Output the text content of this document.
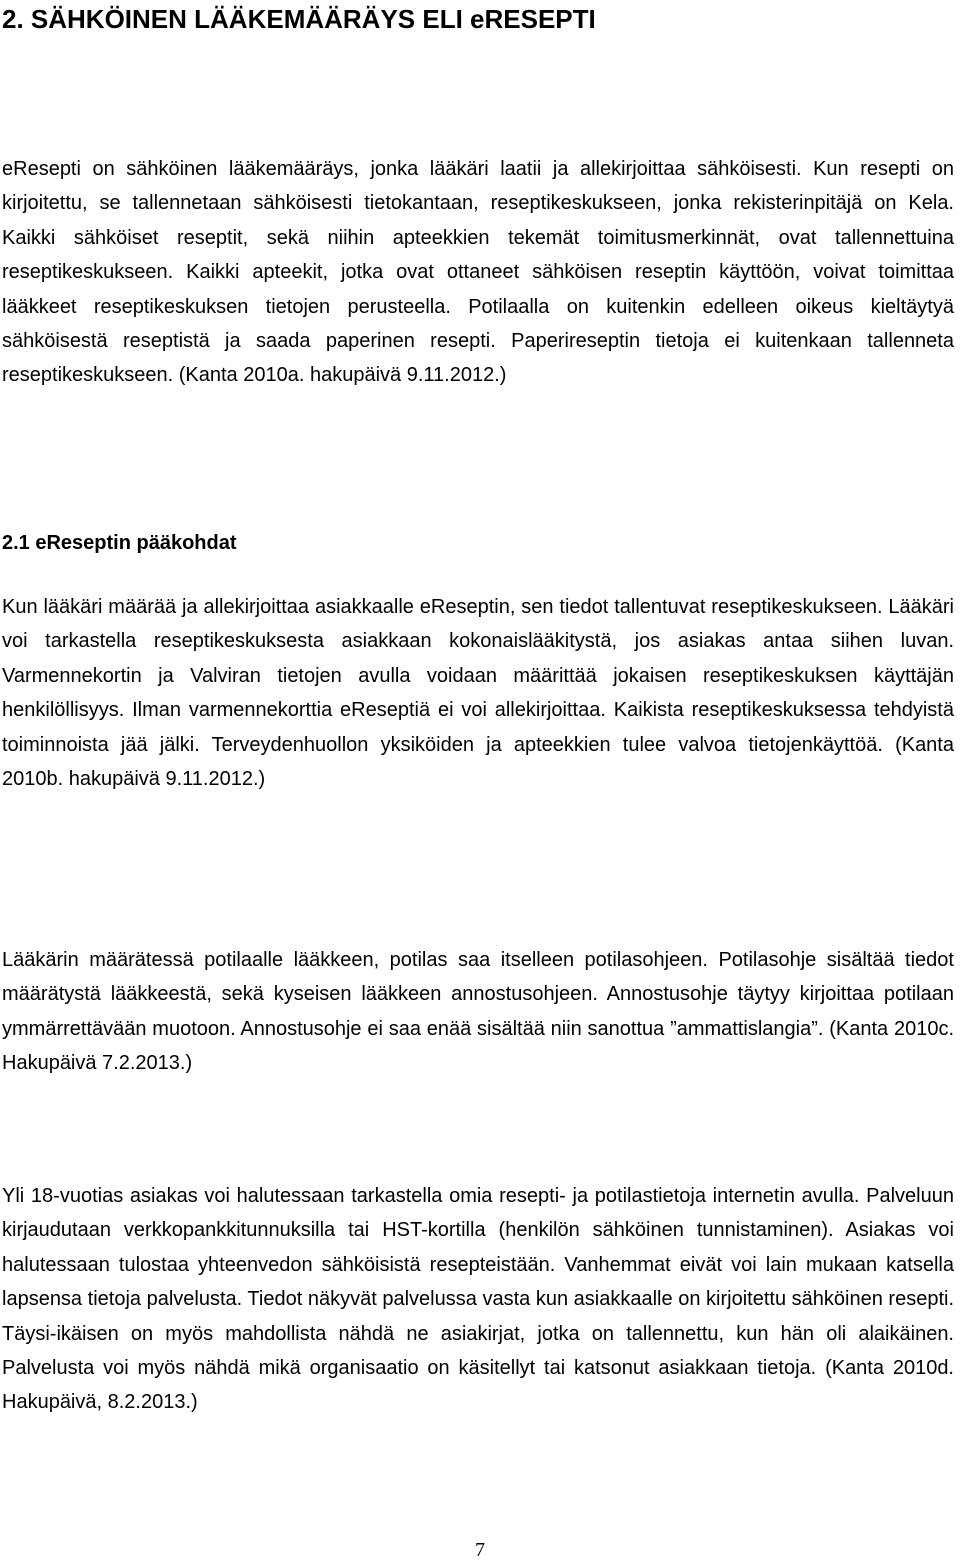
2. SÄHKÖINEN LÄÄKEMÄÄRÄYS ELI eRESEPTI

eResepti on sähköinen lääkemääräys, jonka lääkäri laatii ja allekirjoittaa sähköisesti. Kun resepti on kirjoitettu, se tallennetaan sähköisesti tietokantaan, reseptikeskukseen, jonka rekisterinpitäjä on Kela. Kaikki sähköiset reseptit, sekä niihin apteekkien tekemät toimitusmerkinnät, ovat tallennettuina reseptikeskukseen. Kaikki apteekit, jotka ovat ottaneet sähköisen reseptin käyttöön, voivat toimittaa lääkkeet reseptikeskuksen tietojen perusteella. Potilaalla on kuitenkin edelleen oikeus kieltäytyä sähköisestä reseptistä ja saada paperinen resepti. Paperireseptin tietoja ei kuitenkaan tallenneta reseptikeskukseen. (Kanta 2010a. hakupäivä 9.11.2012.)

2.1 eReseptin pääkohdat

Kun lääkäri määrää ja allekirjoittaa asiakkaalle eReseptin, sen tiedot tallentuvat reseptikeskukseen. Lääkäri voi tarkastella reseptikeskuksesta asiakkaan kokonaislääkitystä, jos asiakas antaa siihen luvan. Varmennekortin ja Valviran tietojen avulla voidaan määrittää jokaisen reseptikeskuksen käyttäjän henkilöllisyys. Ilman varmennekorttia eReseptiä ei voi allekirjoittaa. Kaikista reseptikeskuksessa tehdyistä toiminnoista jää jälki. Terveydenhuollon yksiköiden ja apteekkien tulee valvoa tietojenkäyttöä. (Kanta 2010b. hakupäivä 9.11.2012.)

Lääkärin määrätessä potilaalle lääkkeen, potilas saa itselleen potilasohjeen. Potilasohje sisältää tiedot määrätystä lääkkeestä, sekä kyseisen lääkkeen annostusohjeen. Annostusohje täytyy kirjoittaa potilaan ymmärrettävään muotoon. Annostusohje ei saa enää sisältää niin sanottua ”ammattislangia”. (Kanta 2010c. Hakupäivä 7.2.2013.)

Yli 18-vuotias asiakas voi halutessaan tarkastella omia resepti- ja potilastietoja internetin avulla. Palveluun kirjaudutaan verkkopankkitunnuksilla tai HST-kortilla (henkilön sähköinen tunnistaminen). Asiakas voi halutessaan tulostaa yhteenvedon sähköisistä resepteistään. Vanhemmat eivät voi lain mukaan katsella lapsensa tietoja palvelusta. Tiedot näkyvät palvelussa vasta kun asiakkaalle on kirjoitettu sähköinen resepti. Täysi-ikäisen on myös mahdollista nähdä ne asiakirjat, jotka on tallennettu, kun hän oli alaikäinen. Palvelusta voi myös nähdä mikä organisaatio on käsitellyt tai katsonut asiakkaan tietoja. (Kanta 2010d. Hakupäivä, 8.2.2013.)

7
